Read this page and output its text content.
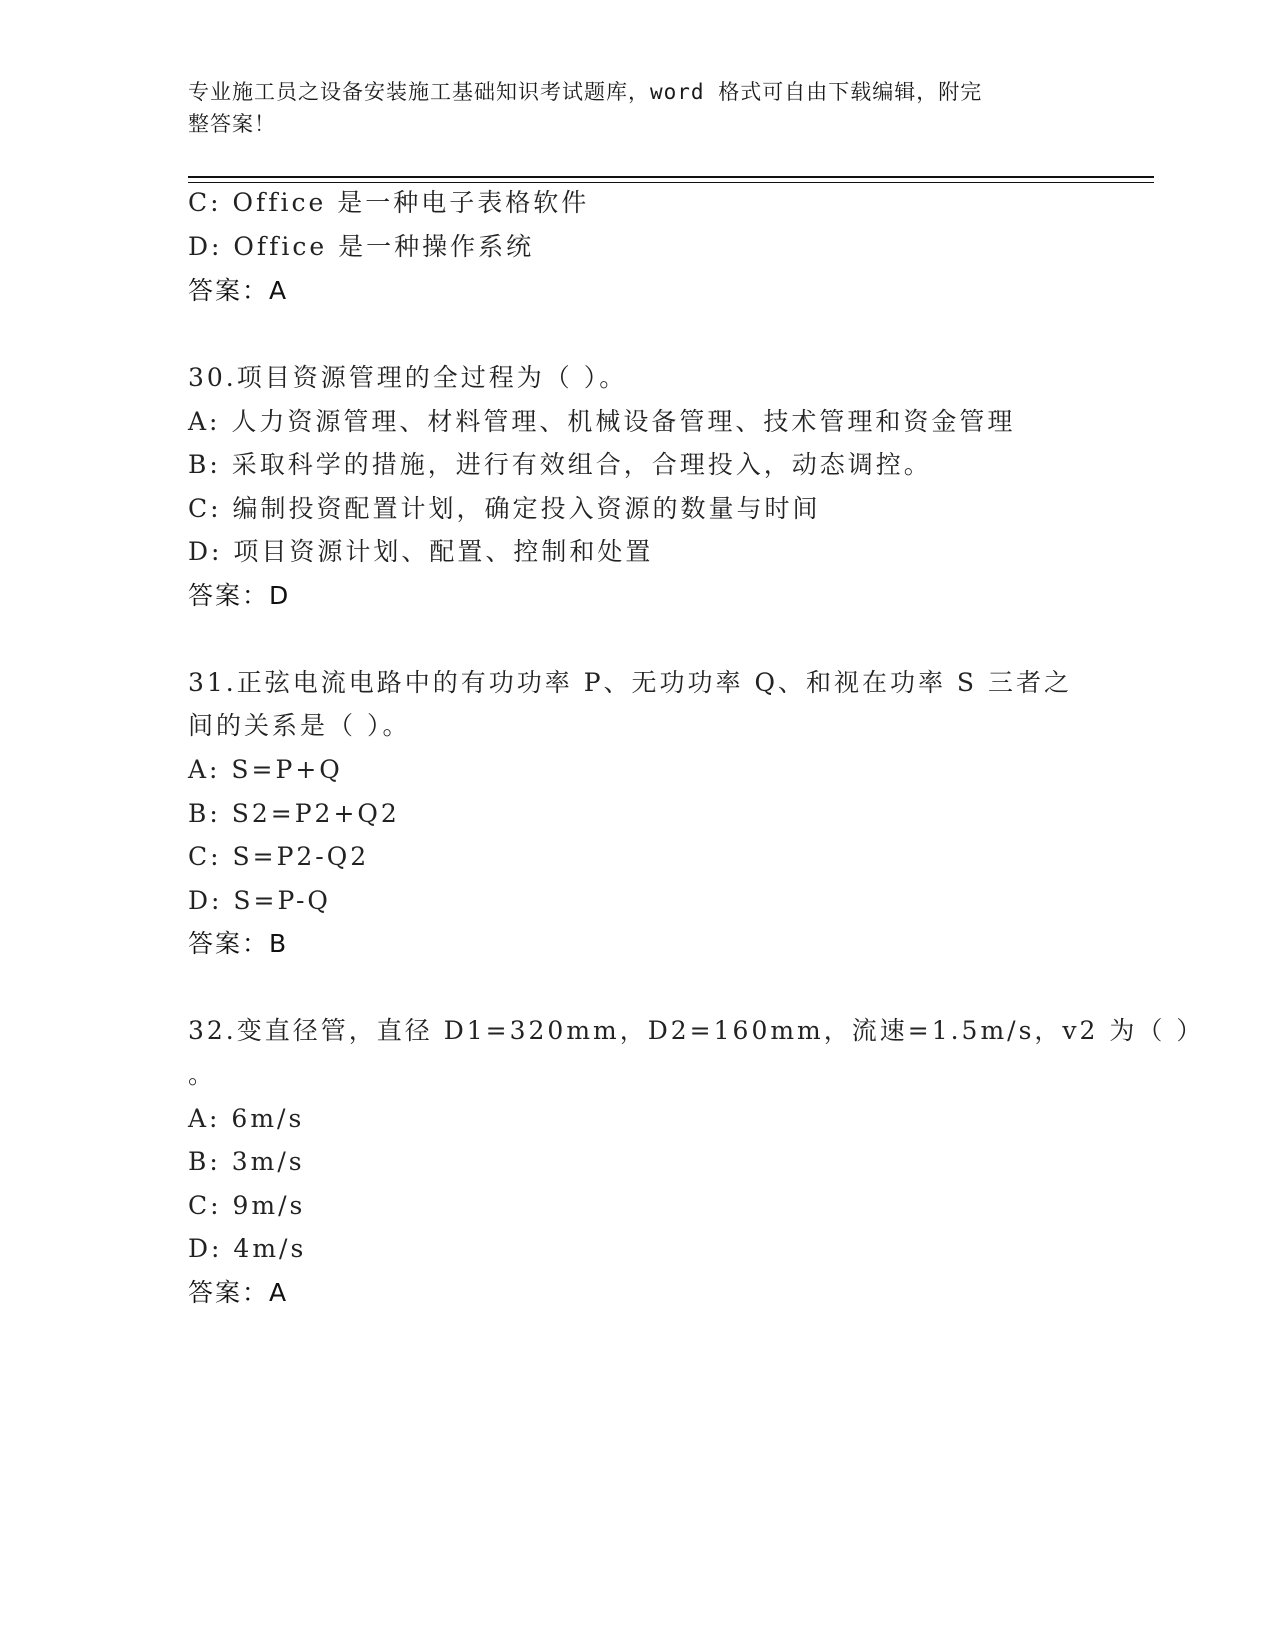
专业施工员之设备安装施工基础知识考试题库，word 格式可自由下载编辑，附完
整答案！
C: Office 是一种电子表格软件
D: Office 是一种操作系统
答案：A
30.项目资源管理的全过程为（ ）。
A: 人力资源管理、材料管理、机械设备管理、技术管理和资金管理
B: 采取科学的措施，进行有效组合，合理投入，动态调控。
C: 编制投资配置计划，确定投入资源的数量与时间
D: 项目资源计划、配置、控制和处置
答案：D
31.正弦电流电路中的有功功率 P、无功功率 Q、和视在功率 S 三者之
间的关系是（ ）。
A: S=P+Q
B: S2=P2+Q2
C: S=P2-Q2
D: S=P-Q
答案：B
32.变直径管，直径 D1=320mm，D2=160mm，流速=1.5m/s，v2 为（ ）
。
A: 6m/s
B: 3m/s
C: 9m/s
D: 4m/s
答案：A
